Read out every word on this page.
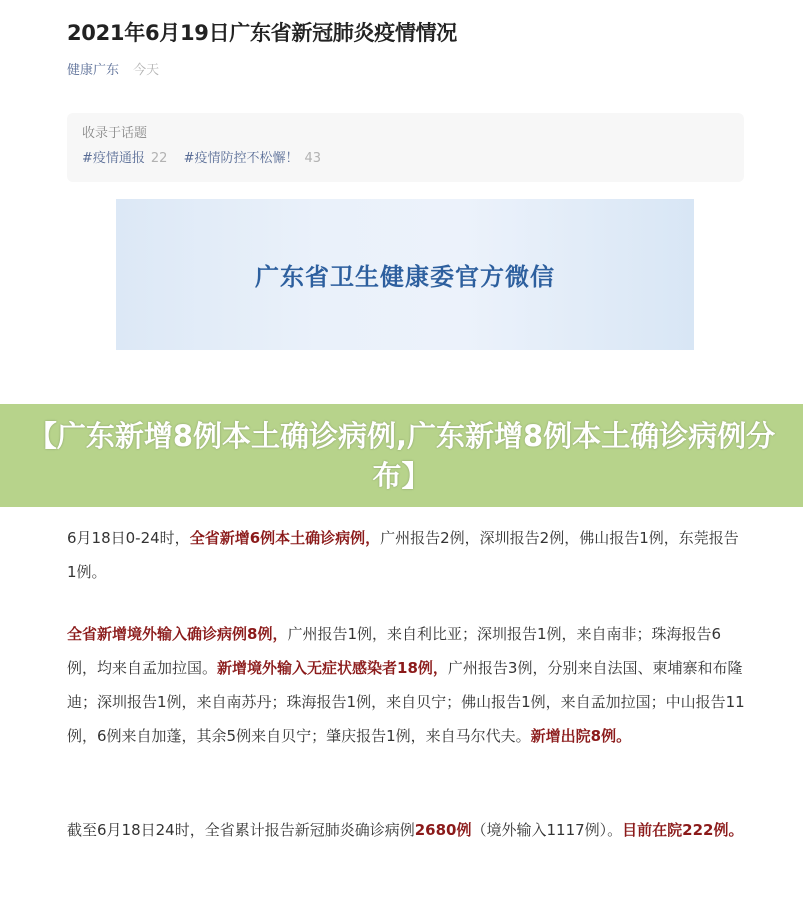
2021年6月19日广东省新冠肺炎疫情情况
健康广东 今天
收录于话题
#疫情通报 22 #疫情防控不松懈！ 43
广东省卫生健康委官方微信
【广东新增8例本土确诊病例,广东新增8例本土确诊病例分布】

6月18日0-24时，全省新增6例本土确诊病例，广州报告2例，深圳报告2例，佛山报告1例，东莞报告1例。

全省新增境外输入确诊病例8例，广州报告1例，来自利比亚；深圳报告1例，来自南非；珠海报告6例，均来自孟加拉国。新增境外输入无症状感染者18例，广州报告3例，分别来自法国、柬埔寨和布隆迪；深圳报告1例，来自南苏丹；珠海报告1例，来自贝宁；佛山报告1例，来自孟加拉国；中山报告11例，6例来自加蓬，其余5例来自贝宁；肇庆报告1例，来自马尔代夫。新增出院8例。

截至6月18日24时，全省累计报告新冠肺炎确诊病例2680例（境外输入1117例）。目前在院222例。
